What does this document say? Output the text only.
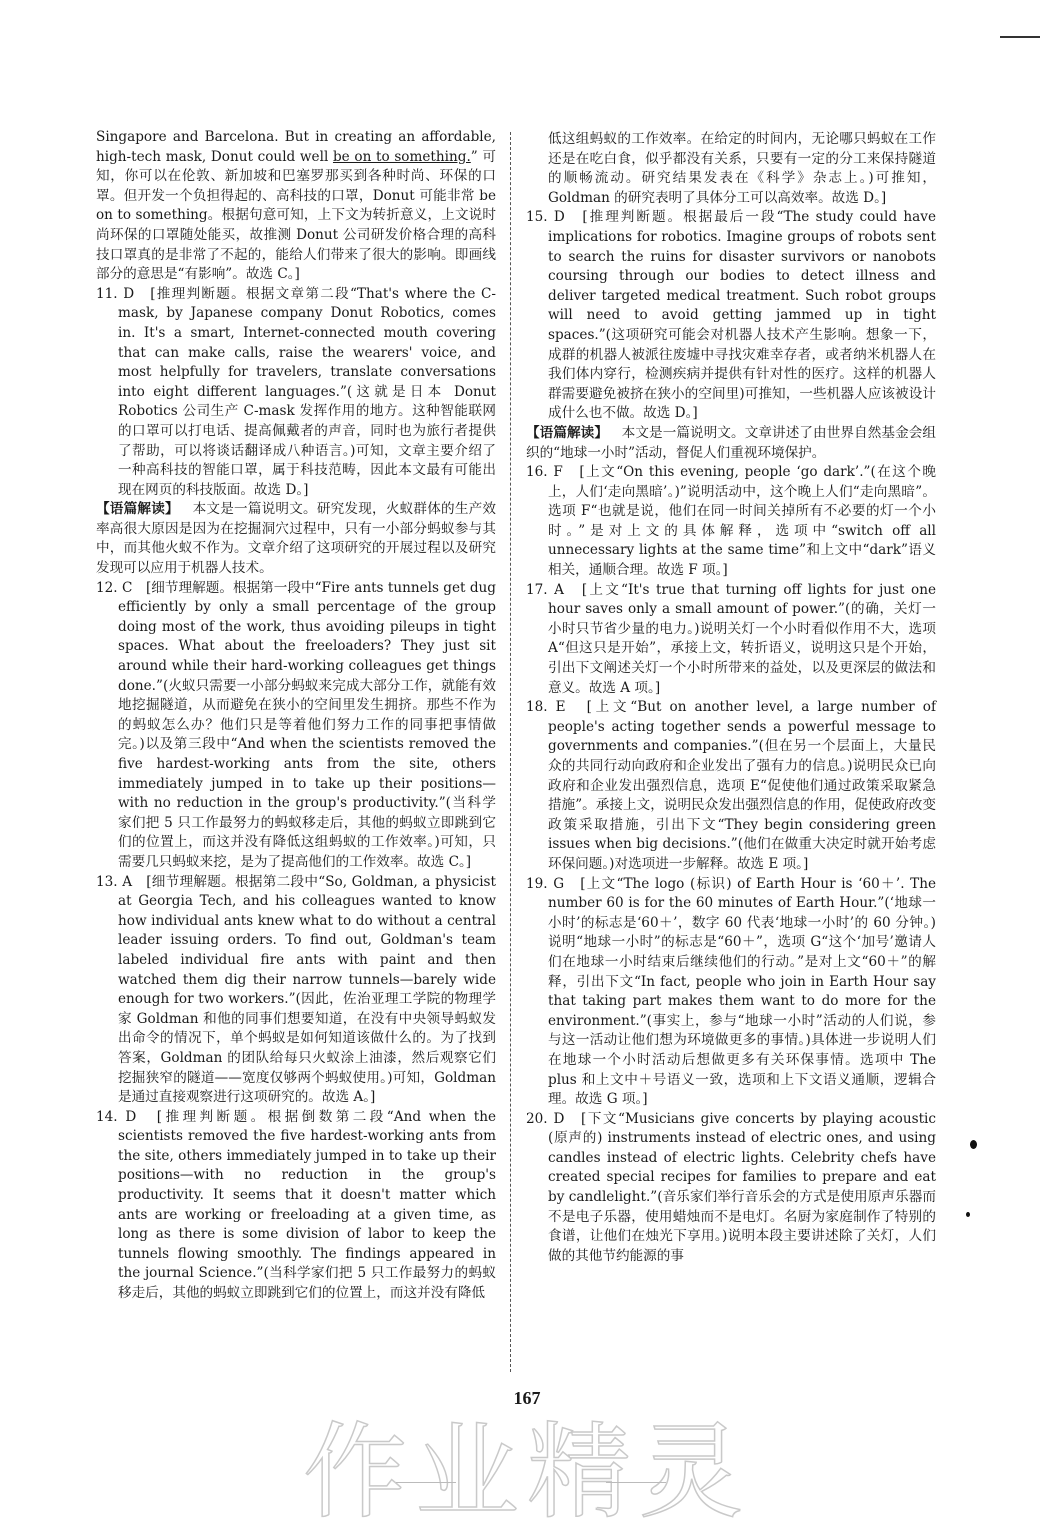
Singapore and Barcelona. But in creating an affordable, high-tech mask, Donut could well be on to something.” 可知，你可以在伦敦、新加坡和巴塞罗那买到各种时尚、环保的口罩。但开发一个负担得起的、高科技的口罩，Donut 可能非常 be on to something。根据句意可知，上下文为转折意义，上文说时尚环保的口罩随处能买，故推测 Donut 公司研发价格合理的高科技口罩真的是非常了不起的，能给人们带来了很大的影响。即画线部分的意思是“有影响”。故选 C。]

11. D　[推理判断题。根据文章第二段“That's where the C-mask, by Japanese company Donut Robotics, comes in. It's a smart, Internet-connected mouth covering that can make calls, raise the wearers' voice, and most helpfully for travelers, translate conversations into eight different languages.”(这就是日本 Donut Robotics 公司生产 C-mask 发挥作用的地方。这种智能联网的口罩可以打电话、提高佩戴者的声音，同时也为旅行者提供了帮助，可以将谈话翻译成八种语言。)可知，文章主要介绍了一种高科技的智能口罩，属于科技范畴，因此本文最有可能出现在网页的科技版面。故选 D。]

【语篇解读】  本文是一篇说明文。研究发现，火蚁群体的生产效率高很大原因是因为在挖掘洞穴过程中，只有一小部分蚂蚁参与其中，而其他火蚁不作为。文章介绍了这项研究的开展过程以及研究发现可以应用于机器人技术。

12. C　[细节理解题。根据第一段中“Fire ants tunnels get dug efficiently by only a small percentage of the group doing most of the work, thus avoiding pileups in tight spaces. What about the freeloaders? They just sit around while their hard-working colleagues get things done.”(火蚁只需要一小部分蚂蚁来完成大部分工作，就能有效地挖掘隧道，从而避免在狭小的空间里发生拥挤。那些不作为的蚂蚁怎么办？他们只是等着他们努力工作的同事把事情做完。)以及第三段中“And when the scientists removed the five hardest-working ants from the site, others immediately jumped in to take up their positions— with no reduction in the group's productivity.”(当科学家们把 5 只工作最努力的蚂蚁移走后，其他的蚂蚁立即跳到它们的位置上，而这并没有降低这组蚂蚁的工作效率。)可知，只需要几只蚂蚁来挖，是为了提高他们的工作效率。故选 C。]

13. A　[细节理解题。根据第二段中“So, Goldman, a physicist at Georgia Tech, and his colleagues wanted to know how individual ants knew what to do without a central leader issuing orders. To find out, Goldman's team labeled individual fire ants with paint and then watched them dig their narrow tunnels—barely wide enough for two workers.”(因此，佐治亚理工学院的物理学家 Goldman 和他的同事们想要知道，在没有中央领导蚂蚁发出命令的情况下，单个蚂蚁是如何知道该做什么的。为了找到答案，Goldman 的团队给每只火蚁涂上油漆，然后观察它们挖掘狭窄的隧道——宽度仅够两个蚂蚁使用。)可知，Goldman 是通过直接观察进行这项研究的。故选 A。]

14. D　[推理判断题。根据倒数第二段“And when the scientists removed the five hardest-working ants from the site, others immediately jumped in to take up their positions—with no reduction in the group's productivity. It seems that it doesn't matter which ants are working or freeloading at a given time, as long as there is some division of labor to keep the tunnels flowing smoothly. The findings appeared in the journal Science.”(当科学家们把 5 只工作最努力的蚂蚁移走后，其他的蚂蚁立即跳到它们的位置上，而这并没有降低

低这组蚂蚁的工作效率。在给定的时间内，无论哪只蚂蚁在工作还是在吃白食，似乎都没有关系，只要有一定的分工来保持隧道的顺畅流动。研究结果发表在《科学》杂志上。)可推知，Goldman 的研究表明了具体分工可以高效率。故选 D。]

15. D　[推理判断题。根据最后一段“The study could have implications for robotics. Imagine groups of robots sent to search the ruins for disaster survivors or nanobots coursing through our bodies to detect illness and deliver targeted medical treatment. Such robot groups will need to avoid getting jammed up in tight spaces.”(这项研究可能会对机器人技术产生影响。想象一下，成群的机器人被派往废墟中寻找灾难幸存者，或者纳米机器人在我们体内穿行，检测疾病并提供有针对性的医疗。这样的机器人群需要避免被挤在狭小的空间里)可推知，一些机器人应该被设计成什么也不做。故选 D。]

【语篇解读】  本文是一篇说明文。文章讲述了由世界自然基金会组织的“地球一小时”活动，督促人们重视环境保护。

16. F　[上文“On this evening, people ‘go dark’.”(在这个晚上，人们‘走向黑暗’。)”说明活动中，这个晚上人们“走向黑暗”。选项 F“也就是说，他们在同一时间关掉所有不必要的灯一个小时。”是对上文的具体解释，选项中“switch off all unnecessary lights at the same time”和上文中“dark”语义相关，通顺合理。故选 F 项。]

17. A　[上文“It's true that turning off lights for just one hour saves only a small amount of power.”(的确，关灯一小时只节省少量的电力。)说明关灯一个小时看似作用不大，选项 A“但这只是开始”，承接上文，转折语义，说明这只是个开始，引出下文阐述关灯一个小时所带来的益处，以及更深层的做法和意义。故选 A 项。]

18. E　[上文“But on another level, a large number of people's acting together sends a powerful message to governments and companies.”(但在另一个层面上，大量民众的共同行动向政府和企业发出了强有力的信息。)说明民众已向政府和企业发出强烈信息，选项 E“促使他们通过政策采取紧急措施”。承接上文，说明民众发出强烈信息的作用，促使政府改变政策采取措施，引出下文“They begin considering green issues when big decisions.”(他们在做重大决定时就开始考虑环保问题。)对选项进一步解释。故选 E 项。]

19. G　[上文“The logo (标识) of Earth Hour is ‘60＋’. The number 60 is for the 60 minutes of Earth Hour.”(‘地球一小时’的标志是‘60＋’，数字 60 代表‘地球一小时’的 60 分钟。)说明“地球一小时”的标志是“60＋”，选项 G“这个‘加号’邀请人们在地球一小时结束后继续他们的行动。”是对上文“60＋”的解释，引出下文“In fact, people who join in Earth Hour say that taking part makes them want to do more for the environment.”(事实上，参与“地球一小时”活动的人们说，参与这一活动让他们想为环境做更多的事情。)具体进一步说明人们在地球一个小时活动后想做更多有关环保事情。选项中 The plus 和上文中＋号语义一致，选项和上下文语义通顺，逻辑合理。故选 G 项。]

20. D　[下文“Musicians give concerts by playing acoustic (原声的) instruments instead of electric ones, and using candles instead of electric lights. Celebrity chefs have created special recipes for families to prepare and eat by candlelight.”(音乐家们举行音乐会的方式是使用原声乐器而不是电子乐器，使用蜡烛而不是电灯。名厨为家庭制作了特别的食谱，让他们在烛光下享用。)说明本段主要讲述除了关灯，人们做的其他节约能源的事

作业精灵
167
